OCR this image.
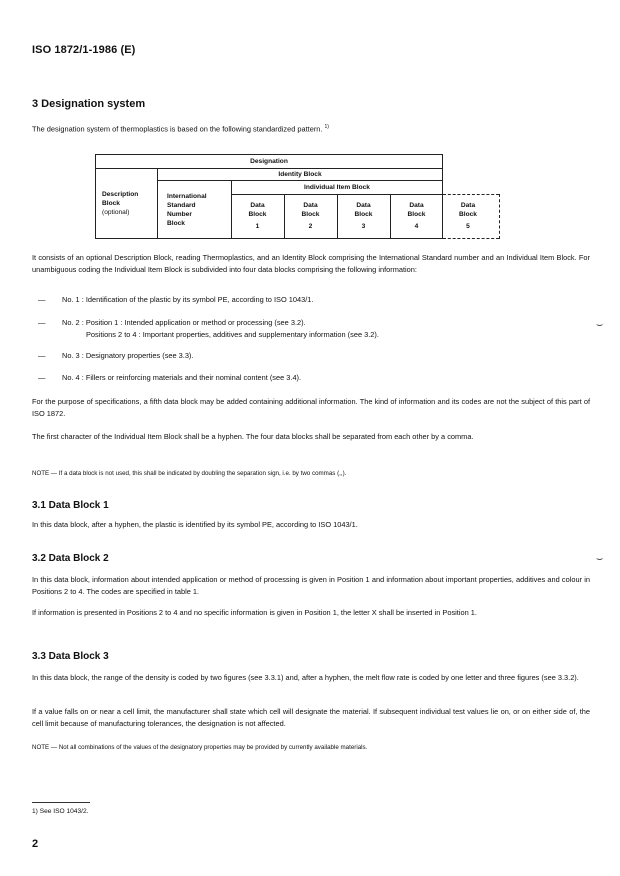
ISO 1872/1-1986 (E)
3 Designation system
The designation system of thermoplastics is based on the following standardized pattern. $^{1)}$
Designation
Identity Block
Individual Item Block
Description
Block
(optional)
International
Standard
Number
Block
Data
Block
1
Data
Block
2
Data
Block
3
Data
Block
4
Data
Block
5
It consists of an optional Description Block, reading Thermoplastics, and an Identity Block comprising the International Standard number and an Individual Item Block. For unambiguous coding the Individual Item Block is subdivided into four data blocks comprising the following information:
— No. 1 : Identification of the plastic by its symbol PE, according to ISO 1043/1.
— No. 2 : Position 1 : Intended application or method or processing (see 3.2).
Positions 2 to 4 : Important properties, additives and supplementary information (see 3.2).
— No. 3 : Designatory properties (see 3.3).
— No. 4 : Fillers or reinforcing materials and their nominal content (see 3.4).
⌣
For the purpose of specifications, a fifth data block may be added containing additional information. The kind of information and its codes are not the subject of this part of ISO 1872.
The first character of the Individual Item Block shall be a hyphen. The four data blocks shall be separated from each other by a comma.
NOTE — If a data block is not used, this shall be indicated by doubling the separation sign, i.e. by two commas (,,).
3.1 Data Block 1
In this data block, after a hyphen, the plastic is identified by its symbol PE, according to ISO 1043/1.
3.2 Data Block 2	⌣
In this data block, information about intended application or method of processing is given in Position 1 and information about important properties, additives and colour in Positions 2 to 4. The codes are specified in table 1.
If information is presented in Positions 2 to 4 and no specific information is given in Position 1, the letter X shall be inserted in Position 1.
3.3 Data Block 3
In this data block, the range of the density is coded by two figures (see 3.3.1) and, after a hyphen, the melt flow rate is coded by one letter and three figures (see 3.3.2).
If a value falls on or near a cell limit, the manufacturer shall state which cell will designate the material. If subsequent individual test values lie on, or on either side of, the cell limit because of manufacturing tolerances, the designation is not affected.
NOTE — Not all combinations of the values of the designatory properties may be provided by currently available materials.
1) See ISO 1043/2.
2
